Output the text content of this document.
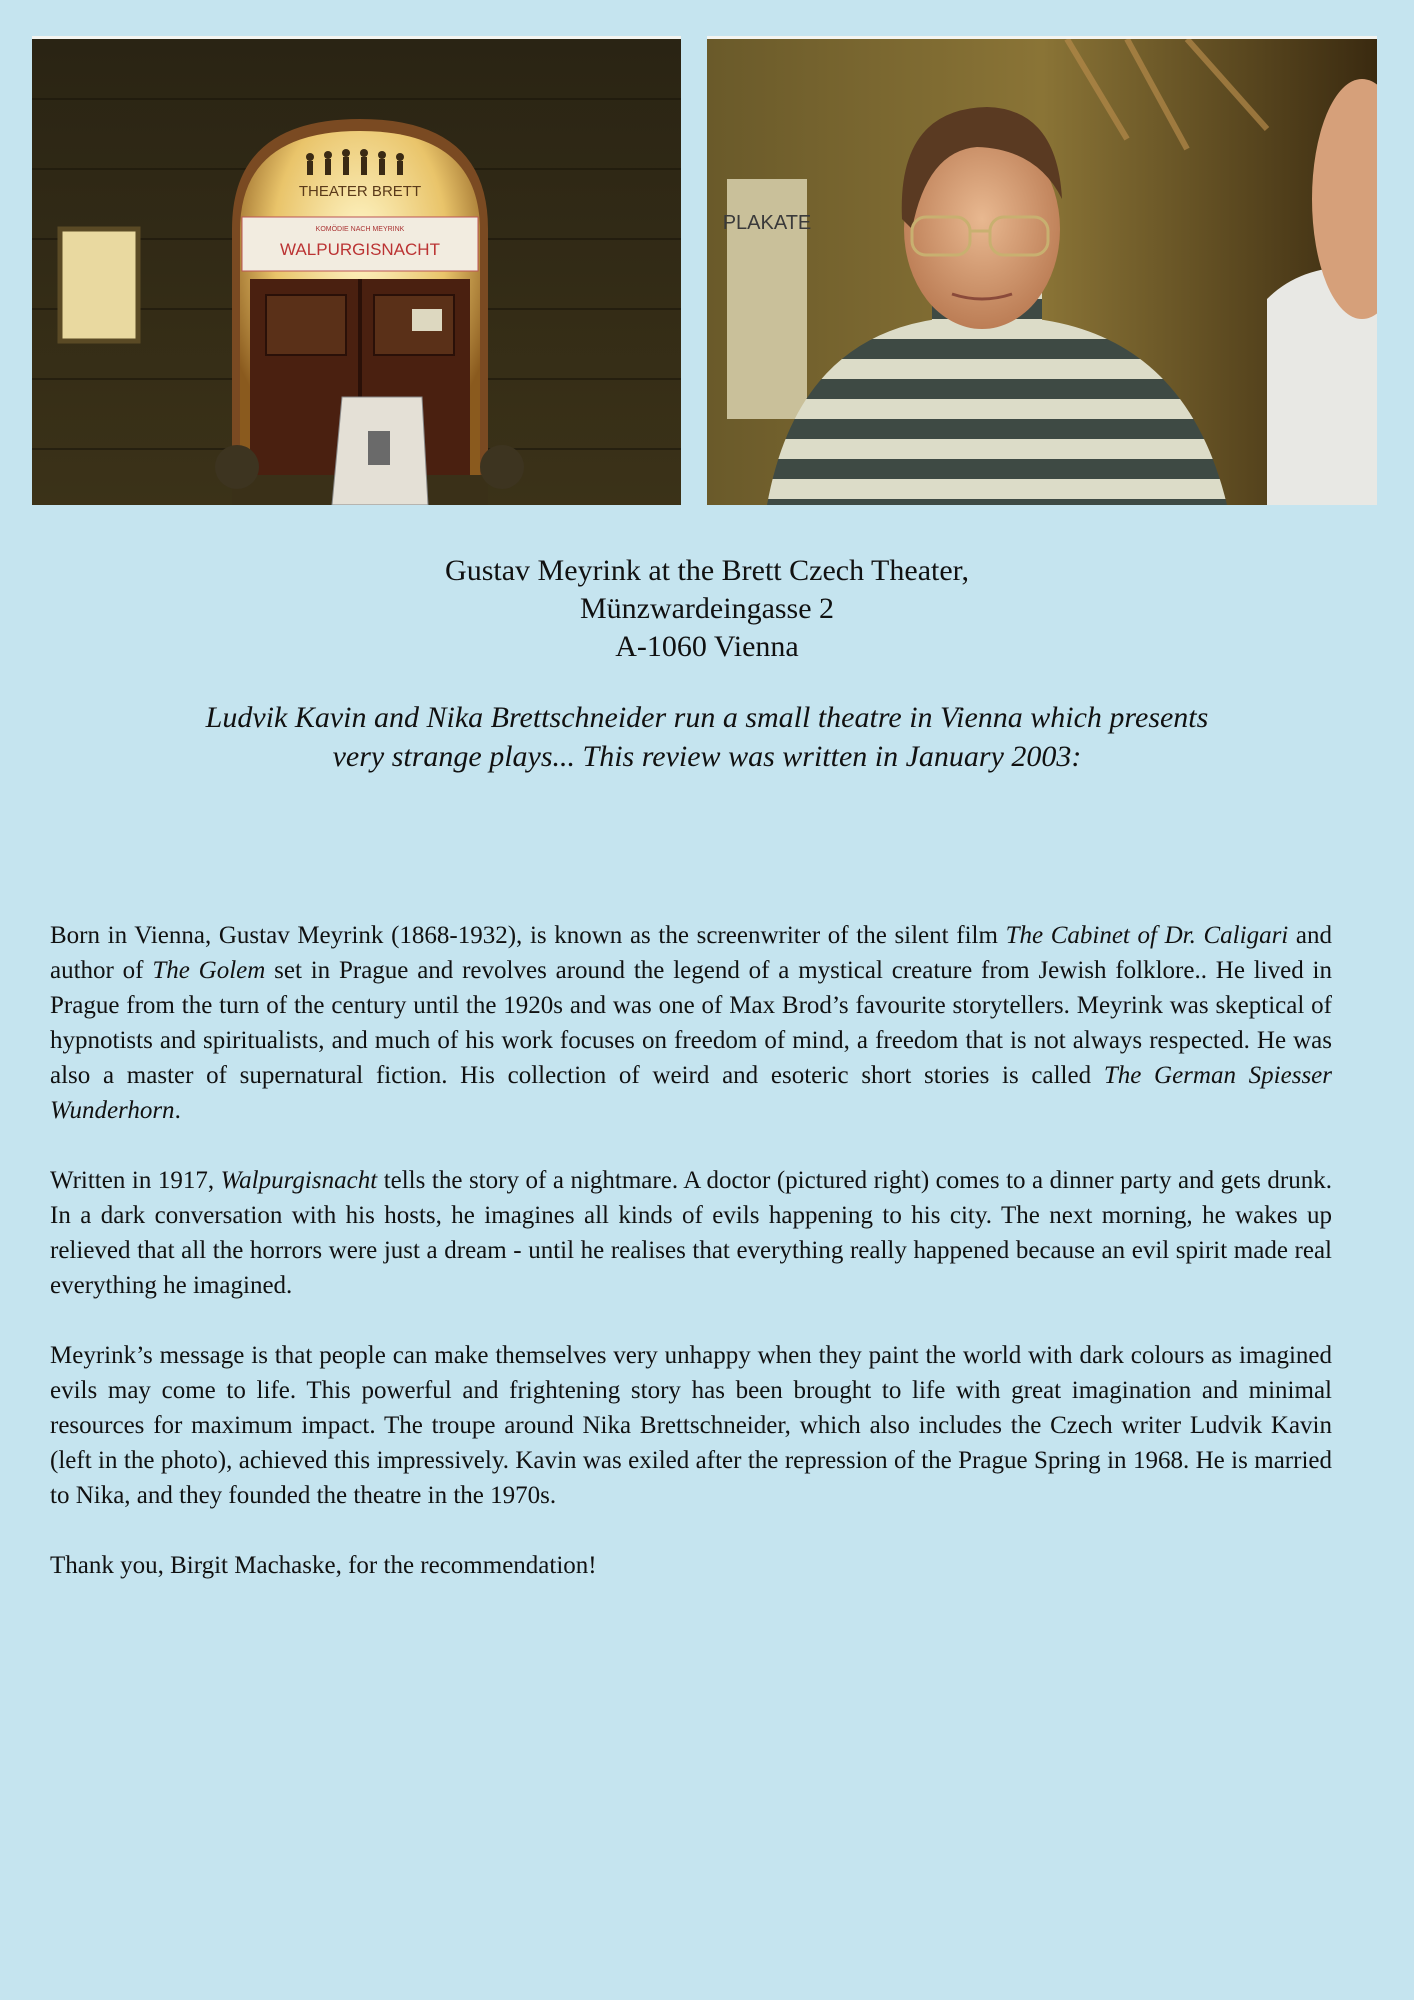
THEATER BRETT
KOMÖDIE NACH MEYRINK
WALPURGISNACHT
PLAKATE
Gustav Meyrink at the Brett Czech Theater,
Münzwardeingasse 2
A-1060 Vienna
Ludvik Kavin and Nika Brettschneider run a small theatre in Vienna which presents
very strange plays... This review was written in January 2003:

Born in Vienna, Gustav Meyrink (1868-1932), is known as the screenwriter of the silent film The Cabinet of Dr. Caligari and author of The Golem set in Prague and revolves around the legend of a mystical creature from Jewish folklore.. He lived in Prague from the turn of the century until the 1920s and was one of Max Brod’s favourite storytellers. Meyrink was skeptical of hypnotists and spiritualists, and much of his work focuses on freedom of mind, a freedom that is not always respected. He was also a master of supernatural fiction. His collection of weird and esoteric short stories is called The German Spiesser Wunderhorn.

Written in 1917, Walpurgisnacht tells the story of a nightmare. A doctor (pictured right) comes to a dinner party and gets drunk. In a dark conversation with his hosts, he imagines all kinds of evils happening to his city. The next morning, he wakes up relieved that all the horrors were just a dream - until he realises that everything really happened because an evil spirit made real everything he imagined.

Meyrink’s message is that people can make themselves very unhappy when they paint the world with dark colours as imagined evils may come to life. This powerful and frightening story has been brought to life with great imagination and minimal resources for maximum impact. The troupe around Nika Brettschneider, which also includes the Czech writer Ludvik Kavin (left in the photo), achieved this impressively. Kavin was exiled after the repression of the Prague Spring in 1968. He is married to Nika, and they founded the theatre in the 1970s.

Thank you, Birgit Machaske, for the recommendation!
